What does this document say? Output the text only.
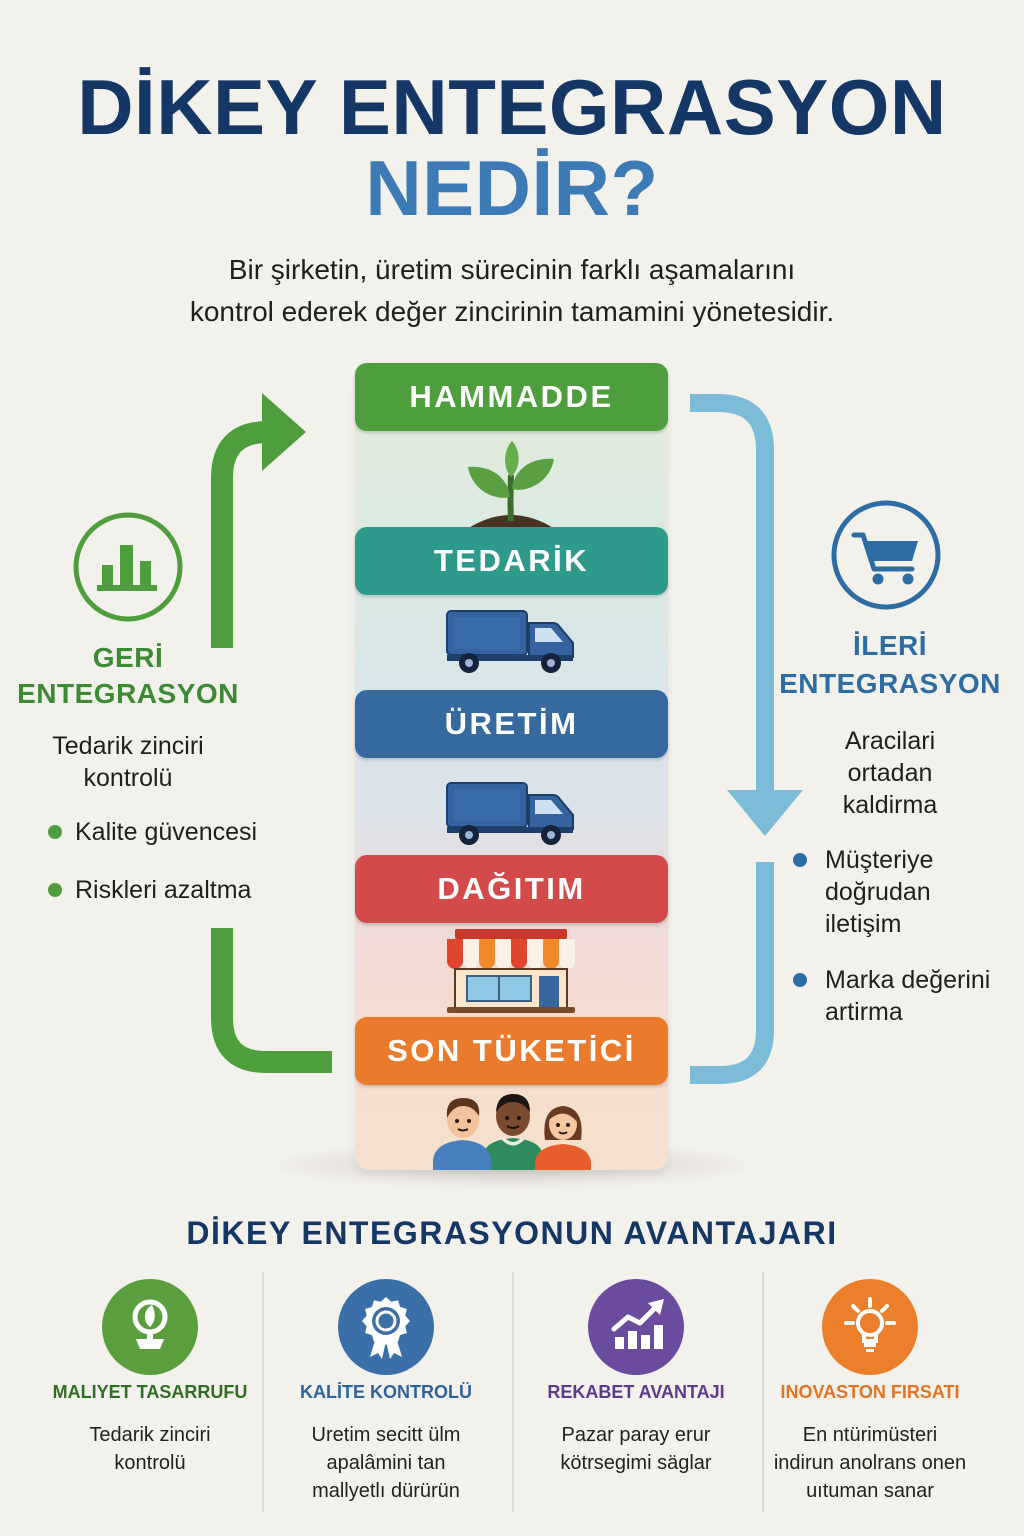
DİKEY ENTEGRASYON
NEDİR?
Bir şirketin, üretim sürecinin farklı aşamalarını
kontrol ederek değer zincirinin tamamini yönetesidir.
HAMMADDE
TEDARİK
ÜRETİM
DAĞITIM
SON TÜKETİCİ
GERİ
ENTEGRASYON
Tedarik zinciri
kontrolü
Kalite güvencesi
Riskleri azaltma
İLERİ
ENTEGRASYON
Aracilari
ortadan
kaldirma
Müşteriye
doğrudan
iletişim
Marka değerini
artirma
DİKEY ENTEGRASYONUN AVANTAJARI
MALIYET TASARRUFU
Tedarik zinciri
kontrolü
KALİTE KONTROLÜ
Uretim secitt ülm
apalâmini tan
mallyetlı dürürün
REKABET AVANTAJI
Pazar paray erur
kötrsegimi säglar
INOVASTON FIRSATI
En ntürimüsteri
indirun anolrans onen
uıtuman sanar
